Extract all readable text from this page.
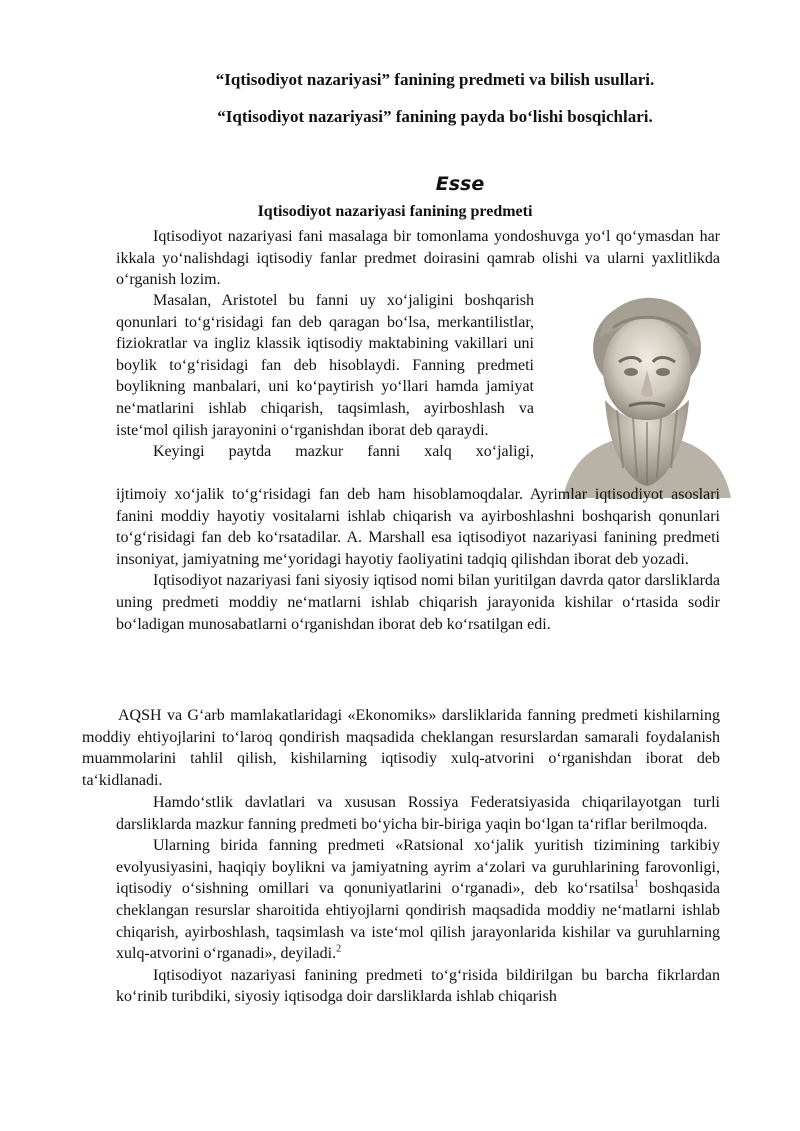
“Iqtisodiyot nazariyasi” fanining predmeti va bilish usullari.
“Iqtisodiyot nazariyasi” fanining payda bo‘lishi bosqichlari.
Esse
Iqtisodiyot nazariyasi fanining predmeti

Iqtisodiyot nazariyasi fani masalaga bir tomonlama yondoshuvga yo‘l qo‘ymasdan har ikkala yo‘nalishdagi iqtisodiy fanlar predmet doirasini qamrab olishi va ularni yaxlitlikda o‘rganish lozim.

Masalan, Aristotel bu fanni uy xo‘jaligini boshqarish qonunlari to‘g‘risidagi fan deb qaragan bo‘lsa, merkantilistlar, fiziokratlar va ingliz klassik iqtisodiy maktabining vakillari uni boylik to‘g‘risidagi fan deb hisoblaydi. Fanning predmeti boylikning manbalari, uni ko‘paytirish yo‘llari hamda jamiyat ne‘matlarini ishlab chiqarish, taqsimlash, ayirboshlash va iste‘mol qilish jarayonini o‘rganishdan iborat deb qaraydi.

Keyingi paytda mazkur fanni xalq xo‘jaligi,

ijtimoiy xo‘jalik to‘g‘risidagi fan deb ham hisoblamoqdalar. Ayrimlar iqtisodiyot asoslari fanini moddiy hayotiy vositalarni ishlab chiqarish va ayirboshlashni boshqarish qonunlari to‘g‘risidagi fan deb ko‘rsatadilar. A. Marshall esa iqtisodiyot nazariyasi fanining predmeti insoniyat, jamiyatning me‘yoridagi hayotiy faoliyatini tadqiq qilishdan iborat deb yozadi.

Iqtisodiyot nazariyasi fani siyosiy iqtisod nomi bilan yuritilgan davrda qator darsliklarda uning predmeti moddiy ne‘matlarni ishlab chiqarish jarayonida kishilar o‘rtasida sodir bo‘ladigan munosabatlarni o‘rganishdan iborat deb ko‘rsatilgan edi.

AQSH va G‘arb mamlakatlaridagi «Ekonomiks» darsliklarida fanning predmeti kishilarning moddiy ehtiyojlarini to‘laroq qondirish maqsadida cheklangan resurslardan samarali foydalanish muammolarini tahlil qilish, kishilarning iqtisodiy xulq-atvorini o‘rganishdan iborat deb ta‘kidlanadi.

Hamdo‘stlik davlatlari va xususan Rossiya Federatsiyasida chiqarilayotgan turli darsliklarda mazkur fanning predmeti bo‘yicha bir-biriga yaqin bo‘lgan ta‘riflar berilmoqda.

Ularning birida fanning predmeti «Ratsional xo‘jalik yuritish tizimining tarkibiy evolyusiyasini, haqiqiy boylikni va jamiyatning ayrim a‘zolari va guruhlarining farovonligi, iqtisodiy o‘sishning omillari va qonuniyatlarini o‘rganadi», deb ko‘rsatilsa$^1$ boshqasida cheklangan resurslar sharoitida ehtiyojlarni qondirish maqsadida moddiy ne‘matlarni ishlab chiqarish, ayirboshlash, taqsimlash va iste‘mol qilish jarayonlarida kishilar va guruhlarning xulq-atvorini o‘rganadi», deyiladi.$^2$

Iqtisodiyot nazariyasi fanining predmeti to‘g‘risida bildirilgan bu barcha fikrlardan ko‘rinib turibdiki, siyosiy iqtisodga doir darsliklarda ishlab chiqarish
